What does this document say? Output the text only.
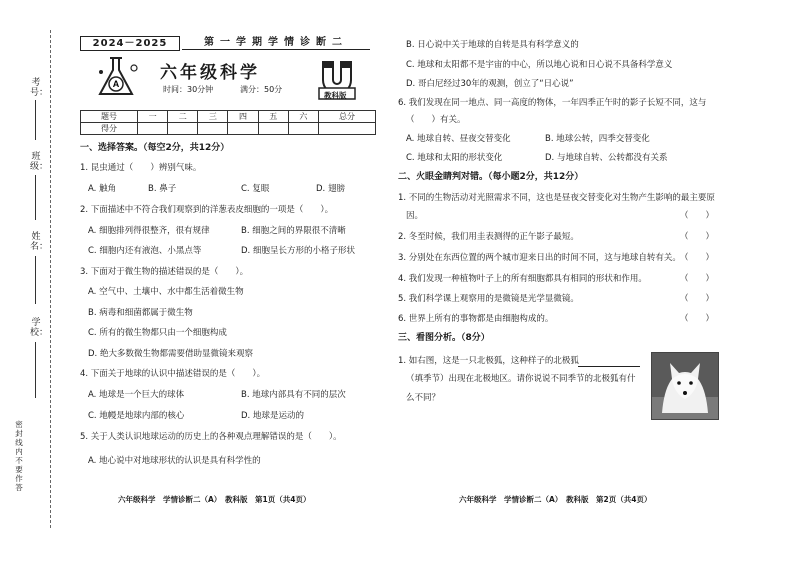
考号：
班级：
姓名：
学校：
密封线内不要作答
2024－2025	第一学期学情诊断二
A
六年级科学
时间：30分钟	满分：50分
教科版
题号	一	二	三	四	五	六	总分
得分							
一、选择答案。（每空2分，共12分）
1. 昆虫通过（　　）辨别气味。
A. 触角	B. 鼻子	C. 复眼	D. 翅膀
2. 下面描述中不符合我们观察到的洋葱表皮细胞的一项是（　　）。
A. 细胞排列得很整齐，很有规律	B. 细胞之间的界限很不清晰
C. 细胞内还有液泡、小黑点等	D. 细胞呈长方形的小格子形状
3. 下面对于微生物的描述错误的是（　　）。
A. 空气中、土壤中、水中都生活着微生物
B. 病毒和细菌都属于微生物
C. 所有的微生物都只由一个细胞构成
D. 绝大多数微生物都需要借助显微镜来观察
4. 下面关于地球的认识中描述错误的是（　　）。
A. 地球是一个巨大的球体	B. 地球内部具有不同的层次
C. 地幔是地球内部的核心	D. 地球是运动的
5. 关于人类认识地球运动的历史上的各种观点理解错误的是（　　）。
A. 地心说中对地球形状的认识是具有科学性的
六年级科学　学情诊断二（A）　教科版　第1页（共4页）
B. 日心说中关于地球的自转是具有科学意义的
C. 地球和太阳都不是宇宙的中心，所以地心说和日心说不具备科学意义
D. 哥白尼经过30年的观测，创立了“日心说”
6. 我们发现在同一地点、同一高度的物体，一年四季正午时的影子长短不同，这与
（　　）有关。
A. 地球自转、昼夜交替变化	B. 地球公转，四季交替变化
C. 地球和太阳的形状变化	D. 与地球自转、公转都没有关系
二、火眼金睛判对错。（每小题2分，共12分）
1. 不同的生物活动对光照需求不同，这也是昼夜交替变化对生物产生影响的最主要原
因。	（　　）
2. 冬至时候，我们用圭表测得的正午影子最短。	（　　）
3. 分别处在东西位置的两个城市迎来日出的时间不同，这与地球自转有关。 （　　）
4. 我们发现一种植物叶子上的所有细胞都具有相同的形状和作用。	（　　）
5. 我们科学课上观察用的是微镜是光学显微镜。	（　　）
6. 世界上所有的事物都是由细胞构成的。	（　　）
三、看图分析。（8分）
1. 如右图，这是一只北极狐，这种样子的北极狐
（填季节）出现在北极地区。请你说说不同季节的北极狐有什
么不同？
六年级科学　学情诊断二（A）　教科版　第2页（共4页）
